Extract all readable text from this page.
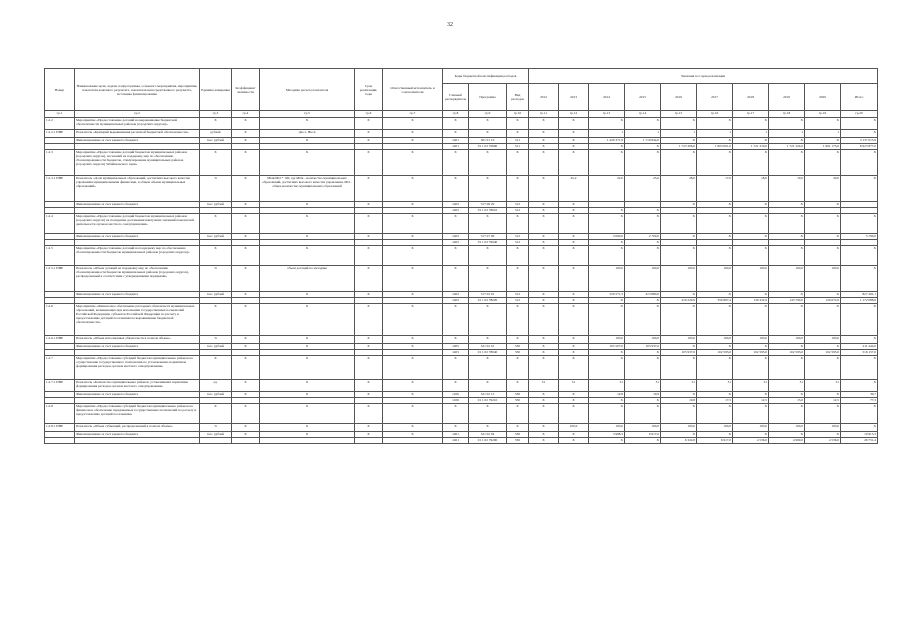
32
Номер	Наименование цели, задачи, подпрограммы, основного мероприятия, мероприятия, показателя конечного результата, показателя непосредственного результата, источника финансирования	Единица измерения	Коэффициент значимости	Методика расчета показателя	Срок реализации, годы	Ответственный исполнитель и соисполнители	Коды бюджетной классификации расходов			Значения по годам реализации									
							Главный распорядитель	Программа	Вид расходов	2012	2013	2014	2015	2016	2017	2018	2019	2020	Итого
гр.1	гр.2	гр.3	гр.4	гр.5	гр.6	гр.7	гр.8	гр.9	гр.10	гр.11	гр.12	гр.13	гр.14	гр.15	гр.16	гр.17	гр.18	гр.19	гр.20
1.2.2	Мероприятие «Предоставление дотаций на выравнивание бюджетной обеспеченности муниципальных районов (городских округов)»	X	X	X	X	X	X	X	X	X	X	X	X	X	X	X	X	X	X
1.2.2.1 ПНР	Показатель «Критерий выравнивания расчетной бюджетной обеспеченности»	рублей	X	Дк=1, Нк=4	X	X	X	X	X	X	X	1	1	1	1	1	1	1	X
	Финансирование за счет краевого бюджета	тыс. рублей	X	X	X	X	1401	301 01 10	511	X	X	1 429 371,9	1 719 844,0	X	X	X	X	X	3 137 615,9
							1401	01 1 02 79600	511	X	X	X	X	1 723 306,0	1 803 001,0	1 721 319,0	1 721 324,0	1 991 173,0	8 923 877,0
1.2.3	Мероприятие «Предоставление дотаций бюджетам муниципальных районов (городских округов), поселений на поддержку мер по обеспечению сбалансированности бюджетов, стимулирование муниципальных районов (городских округов) Забайкальского края»	X	X	X	X	X	X	X	X	X	X	X	X	X	X	X	X	X	X
1.2.3.1 ПНР	Показатель «Доля муниципальных образований, достигших высокого качества управления муниципальными финансами, в общем объеме муниципальных образований»	%	X	МОк/МО * 100, где МОк - количество муниципальных образований, достигших высокого качества управления, МО - общее количество муниципальных образований	X	X	X	X	X	X	45,2	22,0	25,0	28,0	17,0	18,0	19,0	20,0	X
	Финансирование за счет краевого бюджета	тыс. рублей	X	X	X	X	1402	317 06 20	512	X	X			X	X	X	X	X	
							1402	01 1 02 78010	512	X	X	X	X						
1.2.4	Мероприятие «Предоставление дотаций бюджетам муниципальных районов (городских округов) на поощрение достижения наилучших значений показателей деятельности органов местного самоуправления»	X	X	X	X	X	X	X	X	X	X	X	X	X	X	X	X	X	X
	Финансирование за счет краевого бюджета	тыс. рублей	X	X	X	X	1402	317 07 00	512	X	X	3 090,0	2 700,0	X	X	X	X	X	5 790,0
							1402	01 1 02 79040	512	X	X	X	X						
1.2.5	Мероприятие «Предоставление дотаций на поддержку мер по обеспечению сбалансированности бюджетов муниципальных районов (городских округов)»	X	X	X	X	X	X	X	X	X	X	X	X	X	X	X	X	X	X
1.2.5.1 ПНР	Показатель «Объем дотаций на поддержку мер по обеспечению сбалансированности бюджетов муниципальных районов (городских округов), распределенный в соответствии с утвержденными порядками»	%	X	объем дотаций по методике	X	X	X	X	X	X	X	100,0	100,0	100,0	100,0	100,0	100,0	100,0	X
	Финансирование за счет краевого бюджета	тыс. рублей	X	X	X	X	1402	517 02 01	512	X	X	520 571,3	413 880,6	X	X	X	X	X	827 491,1
							1402	01 1 02 78020	512	X	X	X	X	419 229,9	350 867,4	130 432,9	143 790,0	129 672,9	1 172 088,6
1.2.6	Мероприятие «Финансовое обеспечение расходных обязательств муниципальных образований, возникающих при исполнении государственных полномочий Российской Федерации, субъектов Российской Федерации по расчету и предоставлению дотаций поселениям на выравнивание бюджетной обеспеченности»	X	X	X	X	X	X	X	X	X	X	X	X	X	X	X	X	X	X
1.2.6.1 ПНР	Показатель «Объем исполненных обязательств в полном объеме»	%	X	X	X	X	X	X	X	X	X	100,0	100,0	100,0	100,0	100,0	100,0	100,0	X
	Финансирование за счет краевого бюджета	тыс. рублей	X	X	X	X	1405	521 02 01	530	X	X	105 507,0	105 937,0	X	X	X	X	X	211 444,0
							1405	01 1 02 78040	530	X	X	X	X	105 937,0	102 593,0	102 593,0	102 593,0	102 593,0	516 157,0
1.2.7	Мероприятие «Предоставление субсидий бюджетам муниципальных районов на осуществление государственного полномочия по установлению нормативов формирования расходов органов местного самоуправления»	X	X	X	X	X	X	X	X	X	X	X	X	X	X	X	X	X	X
1.2.7.1 ПНР	Показатель «Количество муниципальных районов, установивших нормативы формирования расходов органов местного самоуправления»	ед.	X	X	X	X	X	X	X	31	31	31	31	31	31	31	31	31	X
	Финансирование за счет краевого бюджета	тыс. рублей	X	X	X	X	1106	521 02 15	530	X	X	19,8	19,9	X	X	X	X	X	39,7
							1106	01 1 02 79210	530	X	X	X	X	19,8	17,5	12,5	15,0	12,5	77,3
1.2.8	Мероприятие «Предоставление субсидий бюджетам муниципальных районов на финансовое обеспечение передаваемых государственных полномочий по расчету и предоставлению дотаций поселениям»	X	X	X	X	X	X	X	X	X	X	X	X	X	X	X	X	X	X
1.2.8.1 ПНР	Показатель «Объем субвенций, распределенный в полном объеме»	%	X	X	X	X	X	X	X	X	100,0	100,0	100,0	100,0	100,0	100,0	100,0	100,0	X
	Финансирование за счет краевого бюджета	тыс. рублей	X	X	X	X	1401	521 02 04	530	X	X	3 998,3	6 917,0	X	X	X	X	X	10 915,3
							1401	01 1 02 79200	530	X	X	X	X	6 324,8	6 917,0	4 536,0	4 999,0	4 536,0	26 731,4
